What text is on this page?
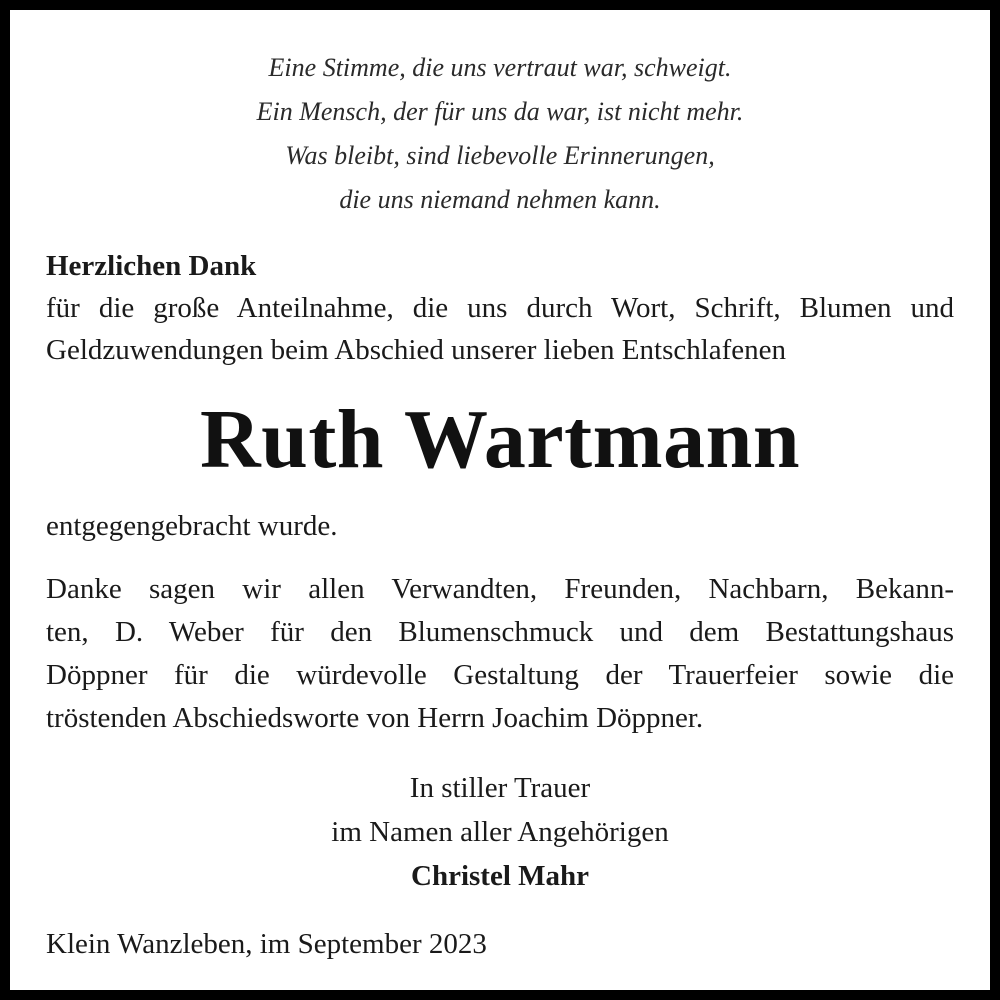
Eine Stimme, die uns vertraut war, schweigt.
Ein Mensch, der für uns da war, ist nicht mehr.
Was bleibt, sind liebevolle Erinnerungen,
die uns niemand nehmen kann.
Herzlichen Dank
für die große Anteilnahme, die uns durch Wort, Schrift, Blumen und
Geldzuwendungen beim Abschied unserer lieben Entschlafenen
Ruth Wartmann
entgegengebracht wurde.
Danke sagen wir allen Verwandten, Freunden, Nachbarn, Bekann-
ten, D. Weber für den Blumenschmuck und dem Bestattungshaus
Döppner für die würdevolle Gestaltung der Trauerfeier sowie die
tröstenden Abschiedsworte von Herrn Joachim Döppner.
In stiller Trauer
im Namen aller Angehörigen
Christel Mahr
Klein Wanzleben, im September 2023
